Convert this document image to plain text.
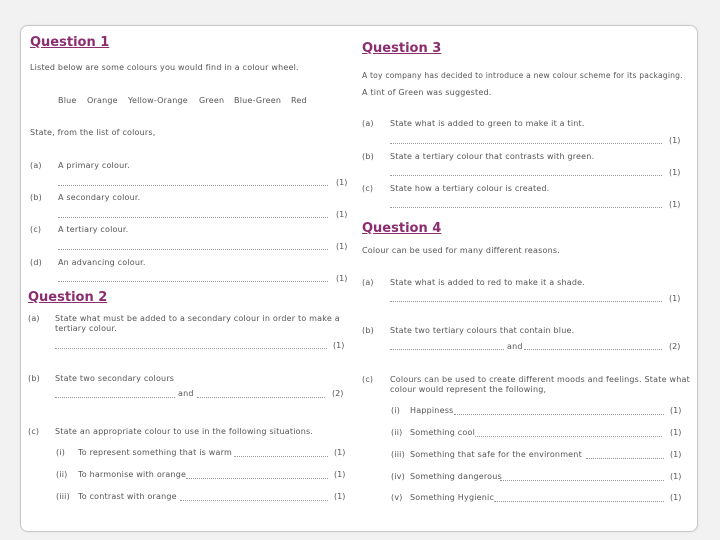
Question 1
Listed below are some colours you would find in a colour wheel.
Blue Orange Yellow-Orange Green Blue-Green Red
State, from the list of colours,
(a) A primary colour.
(1)
(b) A secondary colour.
(1)
(c) A tertiary colour.
(1)
(d) An advancing colour.
(1)
Question 2
(a) State what must be added to a secondary colour in order to make a tertiary colour.
(1)
(b) State two secondary colours
and	(2)
(c) State an appropriate colour to use in the following situations.
(i) To represent something that is warm	(1)
(ii) To harmonise with orange	(1)
(iii) To contrast with orange	(1)
Question 3
A toy company has decided to introduce a new colour scheme for its packaging.
A tint of Green was suggested.
(a) State what is added to green to make it a tint.
(1)
(b) State a tertiary colour that contrasts with green.
(1)
(c) State how a tertiary colour is created.
(1)
Question 4
Colour can be used for many different reasons.
(a) State what is added to red to make it a shade.
(1)
(b) State two tertiary colours that contain blue.
and	(2)
(c) Colours can be used to create different moods and feelings. State what colour would represent the following,
(i) Happiness	(1)
(ii) Something cool	(1)
(iii) Something that safe for the environment	(1)
(iv) Something dangerous	(1)
(v) Something Hygienic	(1)
